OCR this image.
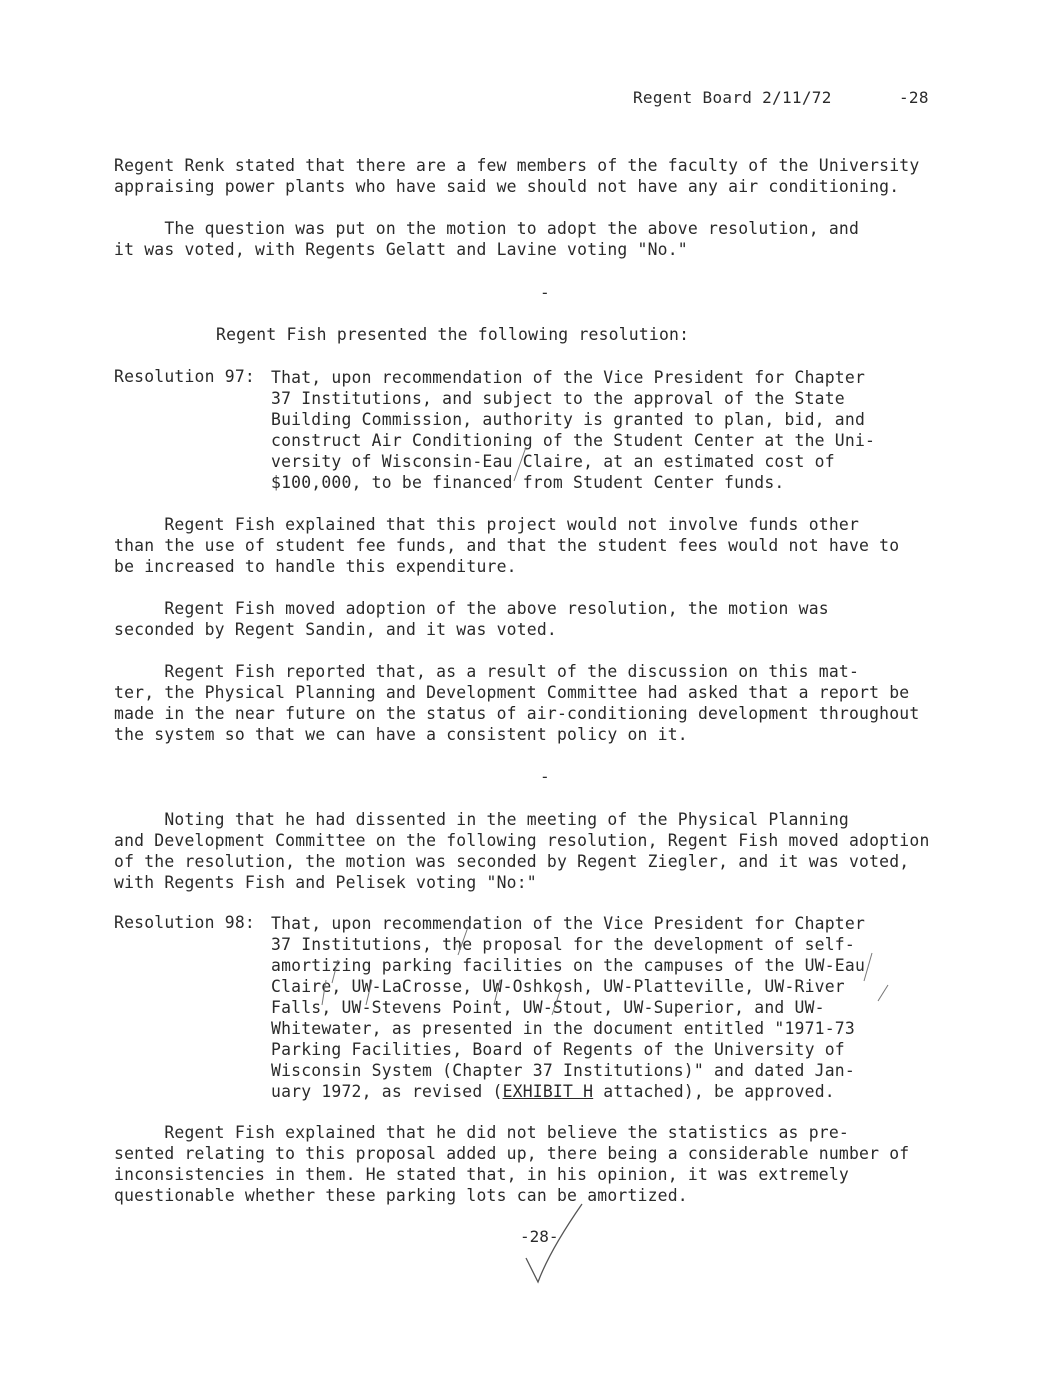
Regent Board 2/11/72	-28
Regent Renk stated that there are a few members of the faculty of the University
appraising power plants who have said we should not have any air conditioning.
The question was put on the motion to adopt the above resolution, and
it was voted, with Regents Gelatt and Lavine voting "No."
-
Regent Fish presented the following resolution:
Resolution 97: That, upon recommendation of the Vice President for Chapter
37 Institutions, and subject to the approval of the State
Building Commission, authority is granted to plan, bid, and
construct Air Conditioning of the Student Center at the Uni-
versity of Wisconsin-Eau Claire, at an estimated cost of
$100,000, to be financed from Student Center funds.
Regent Fish explained that this project would not involve funds other
than the use of student fee funds, and that the student fees would not have to
be increased to handle this expenditure.
Regent Fish moved adoption of the above resolution, the motion was
seconded by Regent Sandin, and it was voted.
Regent Fish reported that, as a result of the discussion on this mat-
ter, the Physical Planning and Development Committee had asked that a report be
made in the near future on the status of air-conditioning development throughout
the system so that we can have a consistent policy on it.
-
Noting that he had dissented in the meeting of the Physical Planning
and Development Committee on the following resolution, Regent Fish moved adoption
of the resolution, the motion was seconded by Regent Ziegler, and it was voted,
with Regents Fish and Pelisek voting "No:"
Resolution 98: That, upon recommendation of the Vice President for Chapter
37 Institutions, the proposal for the development of self-
amortizing parking facilities on the campuses of the UW-Eau
Claire, UW-LaCrosse, UW-Oshkosh, UW-Platteville, UW-River
Falls, UW-Stevens Point, UW-Stout, UW-Superior, and UW-
Whitewater, as presented in the document entitled "1971-73
Parking Facilities, Board of Regents of the University of
Wisconsin System (Chapter 37 Institutions)" and dated Jan-
uary 1972, as revised (EXHIBIT H attached), be approved.
Regent Fish explained that he did not believe the statistics as pre-
sented relating to this proposal added up, there being a considerable number of
inconsistencies in them. He stated that, in his opinion, it was extremely
questionable whether these parking lots can be amortized.
-28-
